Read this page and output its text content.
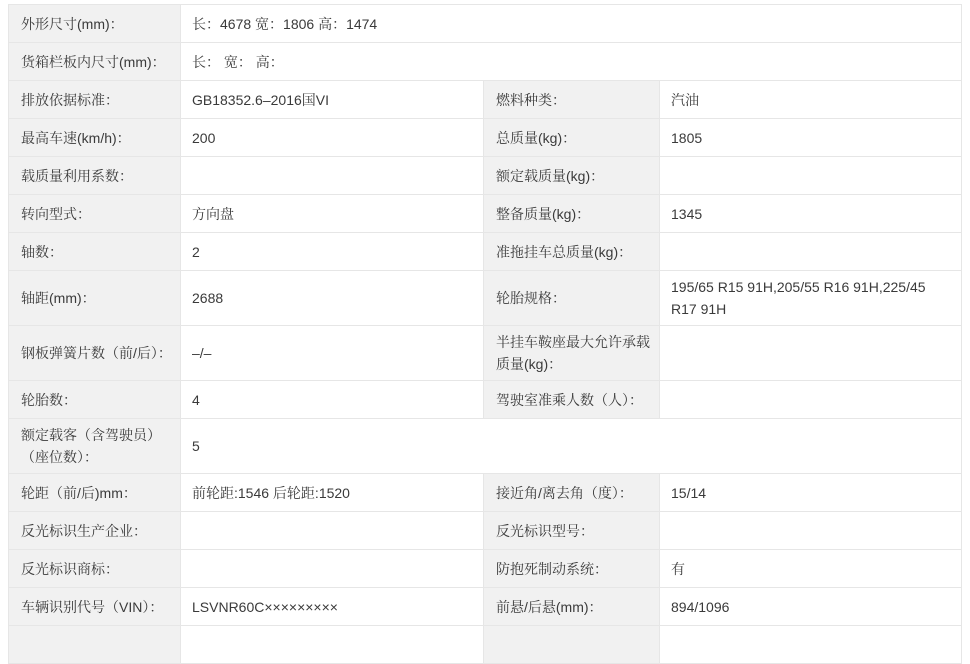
外形尺寸(mm)：	长：4678 宽：1806 高：1474		
货箱栏板内尺寸(mm)：	长： 宽： 高：		
排放依据标准：	GB18352.6–2016国VI	燃料种类：	汽油
最高车速(km/h)：	200	总质量(kg)：	1805
载质量利用系数：		额定载质量(kg)：	
转向型式：	方向盘	整备质量(kg)：	1345
轴数：	2	准拖挂车总质量(kg)：	
轴距(mm)：	2688	轮胎规格：	195/65 R15 91H,205/55 R16 91H,225/45 R17 91H
钢板弹簧片数（前/后）：	–/–	半挂车鞍座最大允许承载质量(kg)：	
轮胎数：	4	驾驶室准乘人数（人）：	
额定载客（含驾驶员）（座位数）：	5		
轮距（前/后)mm：	前轮距:1546 后轮距:1520	接近角/离去角（度）：	15/14
反光标识生产企业：		反光标识型号：	
反光标识商标：		防抱死制动系统：	有
车辆识别代号（VIN）：	LSVNR60C×××××××××	前悬/后悬(mm)：	894/1096
